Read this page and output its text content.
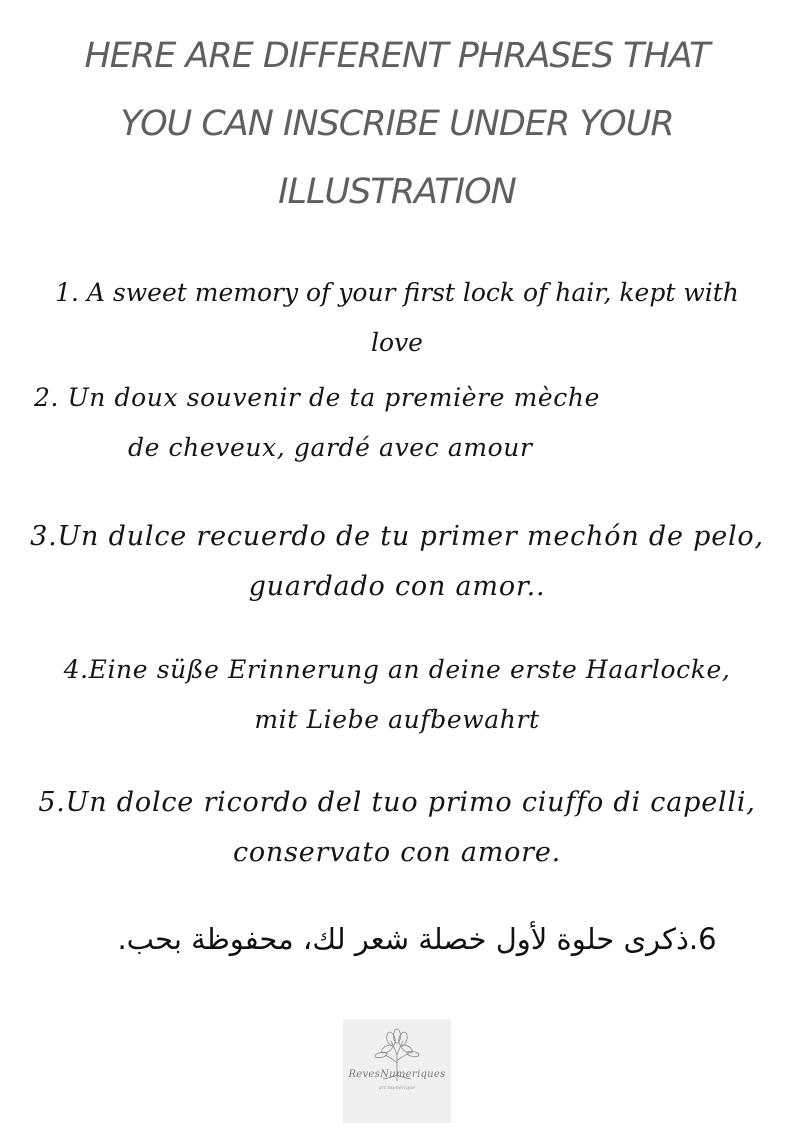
HERE ARE DIFFERENT PHRASES THAT
YOU CAN INSCRIBE UNDER YOUR
ILLUSTRATION
1. A sweet memory of your first lock of hair, kept with
love
2. Un doux souvenir de ta première mèche
de cheveux, gardé avec amour
3.Un dulce recuerdo de tu primer mechón de pelo,
guardado con amor..
4.Eine süße Erinnerung an deine erste Haarlocke,
mit Liebe aufbewahrt
5.Un dolce ricordo del tuo primo ciuffo di capelli,
conservato con amore.
6.ذكرى حلوة لأول خصلة شعر لك، محفوظة بحب.
RevesNumeriques
art numérique
